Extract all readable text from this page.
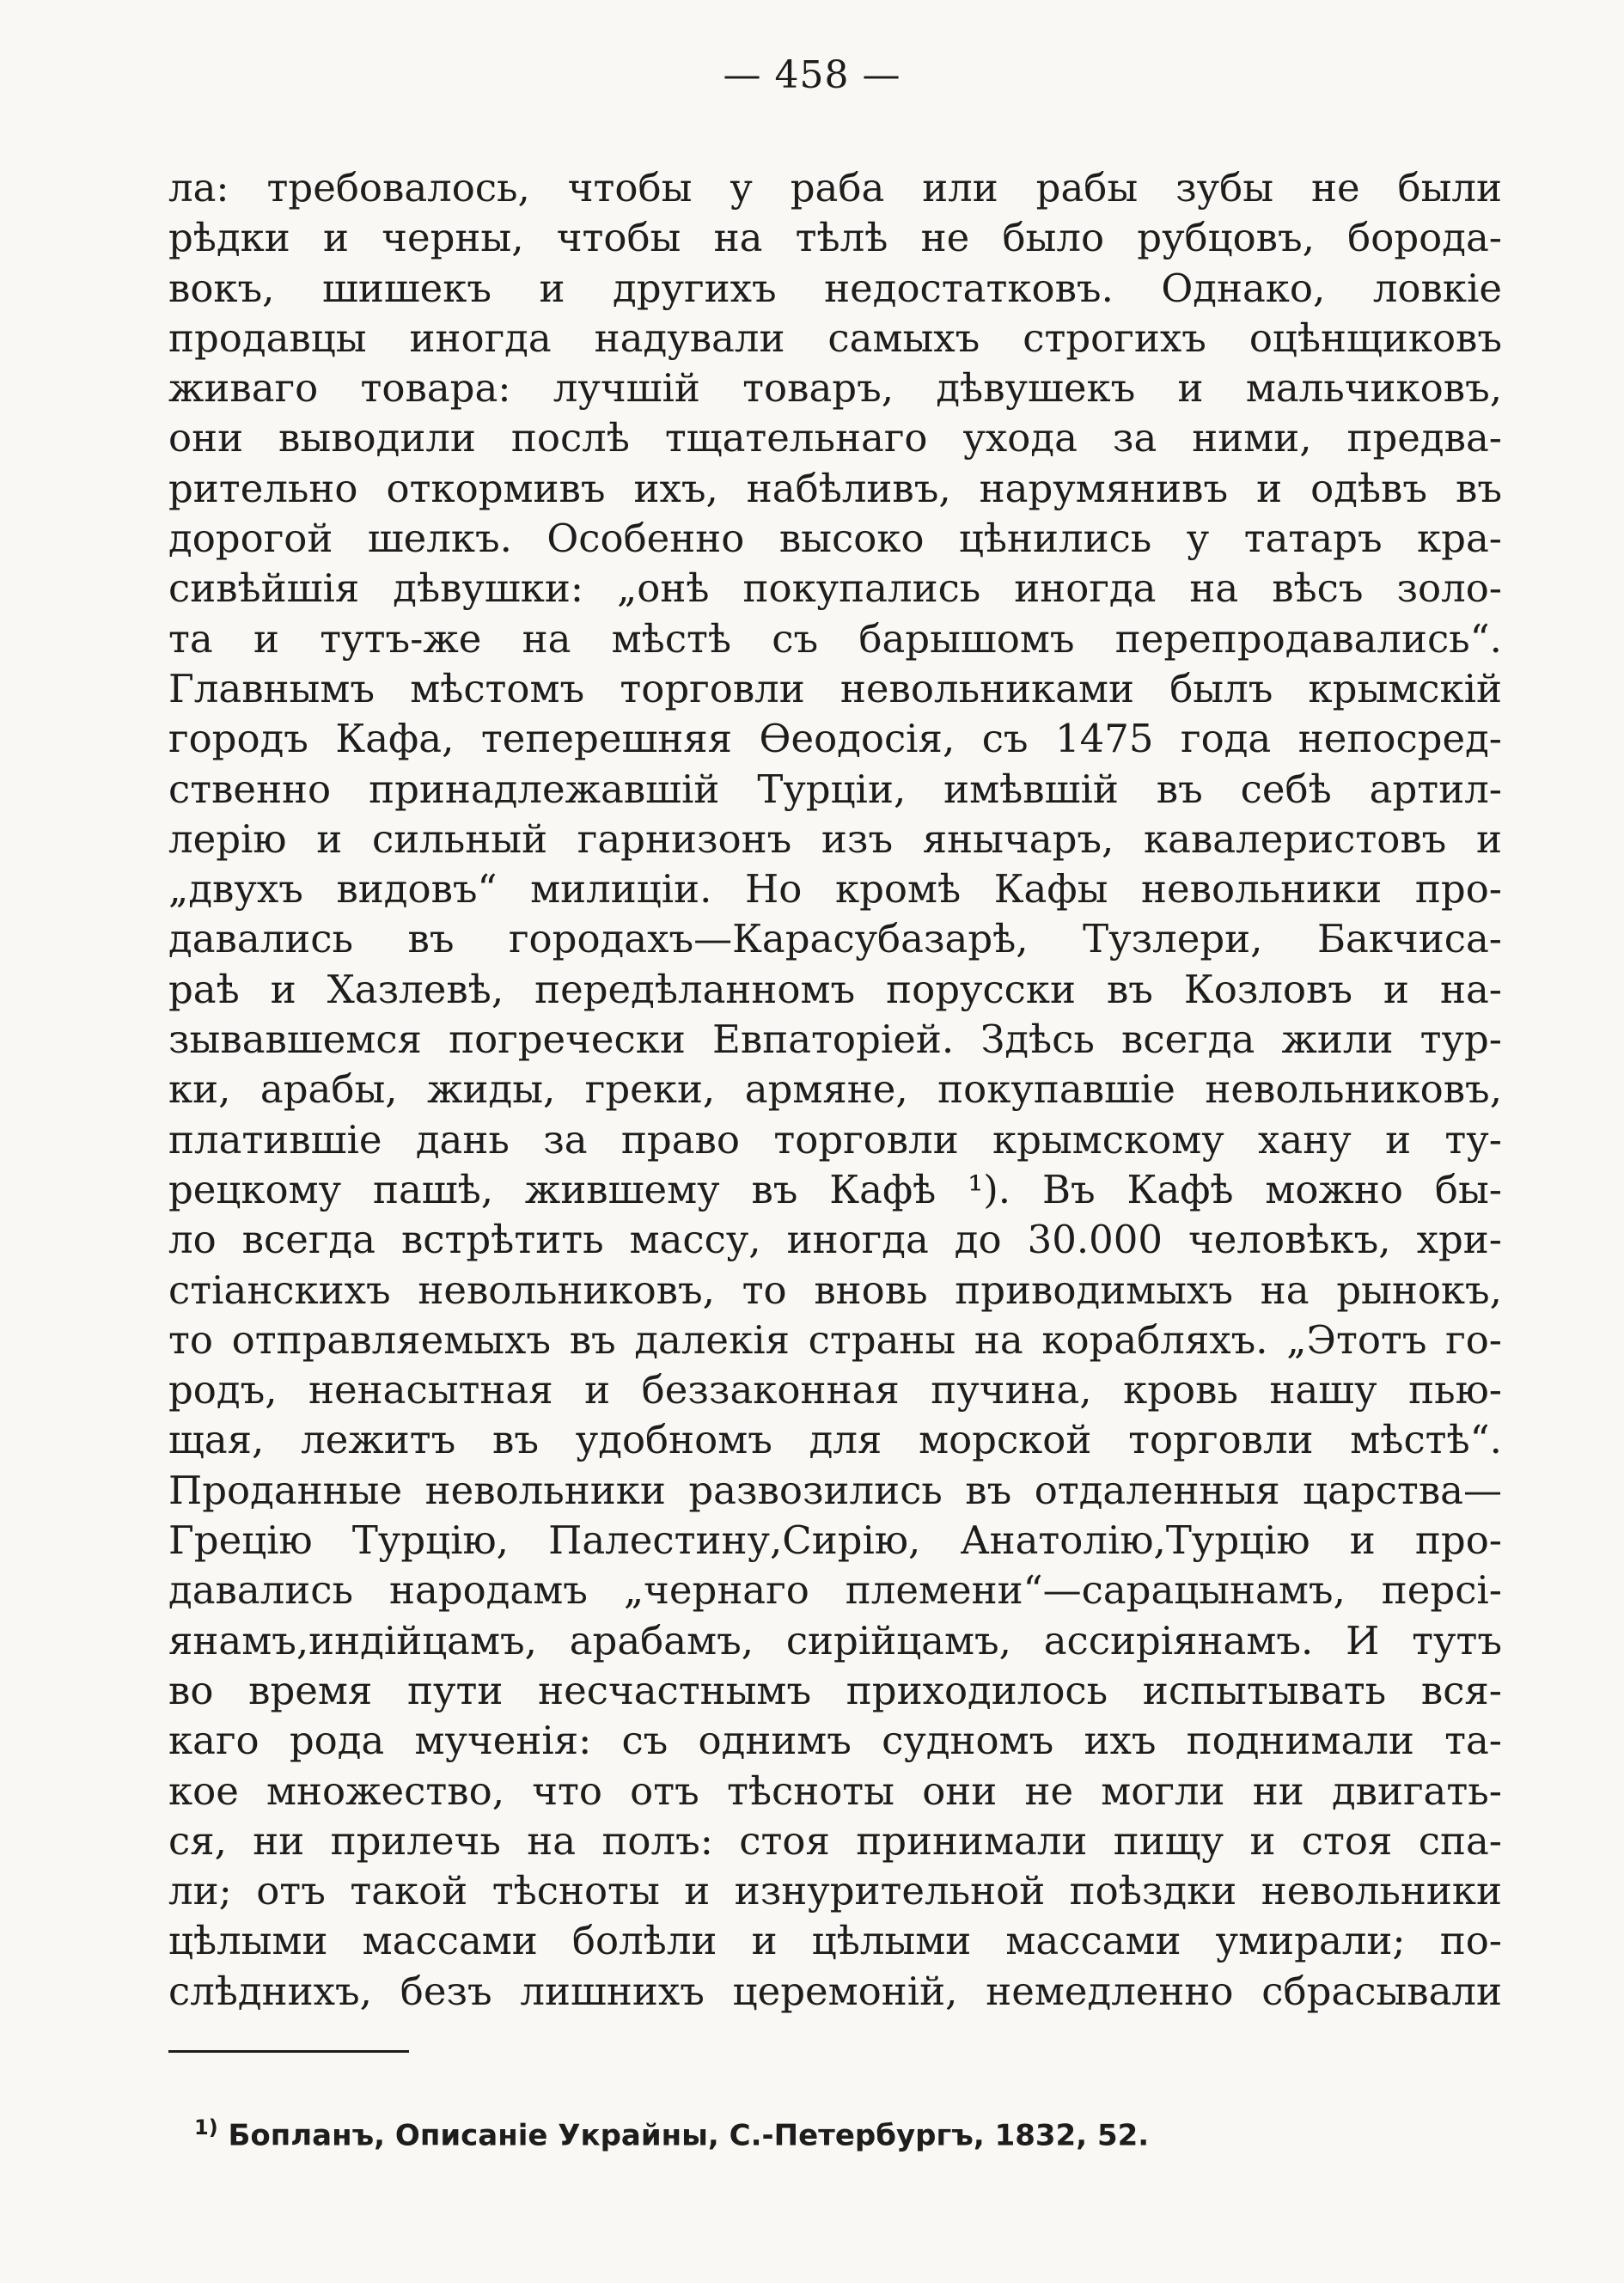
— 458 —
ла: требовалось, чтобы у раба или рабы зубы не были
рѣдки и черны, чтобы на тѣлѣ не было рубцовъ, борода-
вокъ, шишекъ и другихъ недостатковъ. Однако, ловкіе
продавцы иногда надували самыхъ строгихъ оцѣнщиковъ
живаго товара: лучшій товаръ, дѣвушекъ и мальчиковъ,
они выводили послѣ тщательнаго ухода за ними, предва-
рительно откормивъ ихъ, набѣливъ, нарумянивъ и одѣвъ въ
дорогой шелкъ. Особенно высоко цѣнились у татаръ кра-
сивѣйшія дѣвушки: „онѣ покупались иногда на вѣсъ золо-
та и тутъ-же на мѣстѣ съ барышомъ перепродавались“.
Главнымъ мѣстомъ торговли невольниками былъ крымскій
городъ Кафа, теперешняя Ѳеодосія, съ 1475 года непосред-
ственно принадлежавшій Турціи, имѣвшій въ себѣ артил-
лерію и сильный гарнизонъ изъ янычаръ, кавалеристовъ и
„двухъ видовъ“ милиціи. Но кромѣ Кафы невольники про-
давались въ городахъ—Карасубазарѣ, Тузлери, Бакчиса-
раѣ и Хазлевѣ, передѣланномъ порусски въ Козловъ и на-
зывавшемся погречески Евпаторіей. Здѣсь всегда жили тур-
ки, арабы, жиды, греки, армяне, покупавшіе невольниковъ,
платившіе дань за право торговли крымскому хану и ту-
рецкому пашѣ, жившему въ Кафѣ ¹). Въ Кафѣ можно бы-
ло всегда встрѣтить массу, иногда до 30.000 человѣкъ, хри-
стіанскихъ невольниковъ, то вновь приводимыхъ на рынокъ,
то отправляемыхъ въ далекія страны на корабляхъ. „Этотъ го-
родъ, ненасытная и беззаконная пучина, кровь нашу пью-
щая, лежитъ въ удобномъ для морской торговли мѣстѣ“.
Проданные невольники развозились въ отдаленныя царства—
Грецію Турцію, Палестину,Сирію, Анатолію,Турцію и про-
давались народамъ „чернаго племени“—сарацынамъ, персі-
янамъ,индійцамъ, арабамъ, сирійцамъ, ассиріянамъ. И тутъ
во время пути несчастнымъ приходилось испытывать вся-
каго рода мученія: съ однимъ судномъ ихъ поднимали та-
кое множество, что отъ тѣсноты они не могли ни двигать-
ся, ни прилечь на полъ: стоя принимали пищу и стоя спа-
ли; отъ такой тѣсноты и изнурительной поѣздки невольники
цѣлыми массами болѣли и цѣлыми массами умирали; по-
слѣднихъ, безъ лишнихъ церемоній, немедленно сбрасывали
$^{1)}$ Бопланъ, Описаніе Украйны, С.-Петербургъ, 1832, 52.
